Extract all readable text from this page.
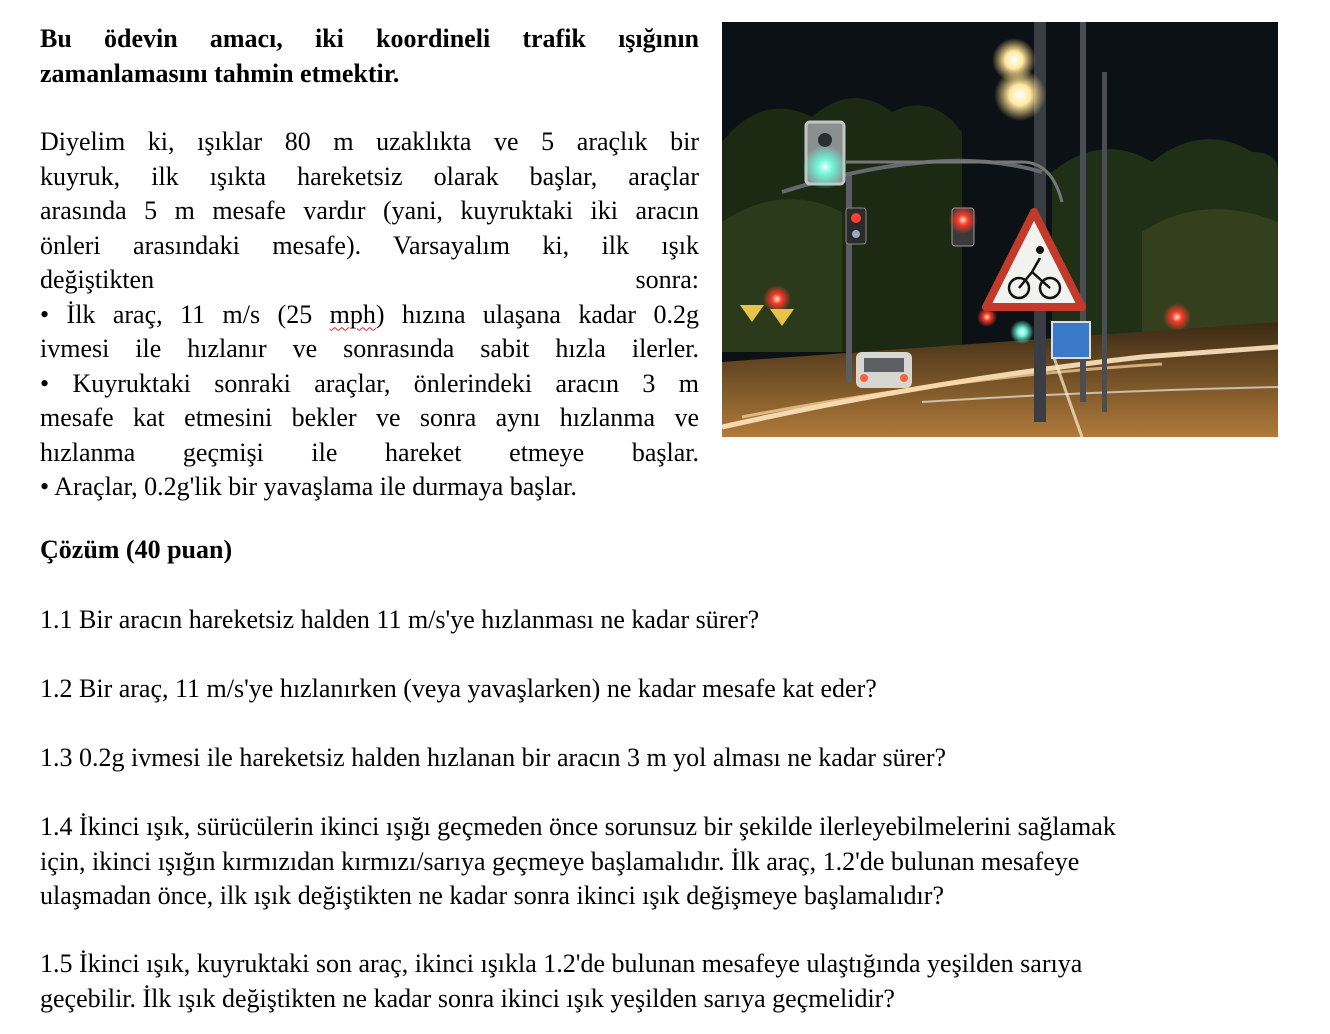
Bu ödevin amacı, iki koordineli trafik ışığının

zamanlamasını tahmin etmektir.

Diyelim ki, ışıklar 80 m uzaklıkta ve 5 araçlık bir

kuyruk, ilk ışıkta hareketsiz olarak başlar, araçlar

arasında 5 m mesafe vardır (yani, kuyruktaki iki aracın

önleri arasındaki mesafe). Varsayalım ki, ilk ışık

değiştikten	sonra:

• İlk araç, 11 m/s (25 mph) hızına ulaşana kadar 0.2g

ivmesi ile hızlanır ve sonrasında sabit hızla ilerler.

• Kuyruktaki sonraki araçlar, önlerindeki aracın 3 m

mesafe kat etmesini bekler ve sonra aynı hızlanma ve

hızlanma geçmişi ile hareket etmeye başlar.

• Araçlar, 0.2g'lik bir yavaşlama ile durmaya başlar.

Çözüm (40 puan)

1.1 Bir aracın hareketsiz halden 11 m/s'ye hızlanması ne kadar sürer?

1.2 Bir araç, 11 m/s'ye hızlanırken (veya yavaşlarken) ne kadar mesafe kat eder?

1.3 0.2g ivmesi ile hareketsiz halden hızlanan bir aracın 3 m yol alması ne kadar sürer?

1.4 İkinci ışık, sürücülerin ikinci ışığı geçmeden önce sorunsuz bir şekilde ilerleyebilmelerini sağlamak

için, ikinci ışığın kırmızıdan kırmızı/sarıya geçmeye başlamalıdır. İlk araç, 1.2'de bulunan mesafeye

ulaşmadan önce, ilk ışık değiştikten ne kadar sonra ikinci ışık değişmeye başlamalıdır?

1.5 İkinci ışık, kuyruktaki son araç, ikinci ışıkla 1.2'de bulunan mesafeye ulaştığında yeşilden sarıya

geçebilir. İlk ışık değiştikten ne kadar sonra ikinci ışık yeşilden sarıya geçmelidir?
